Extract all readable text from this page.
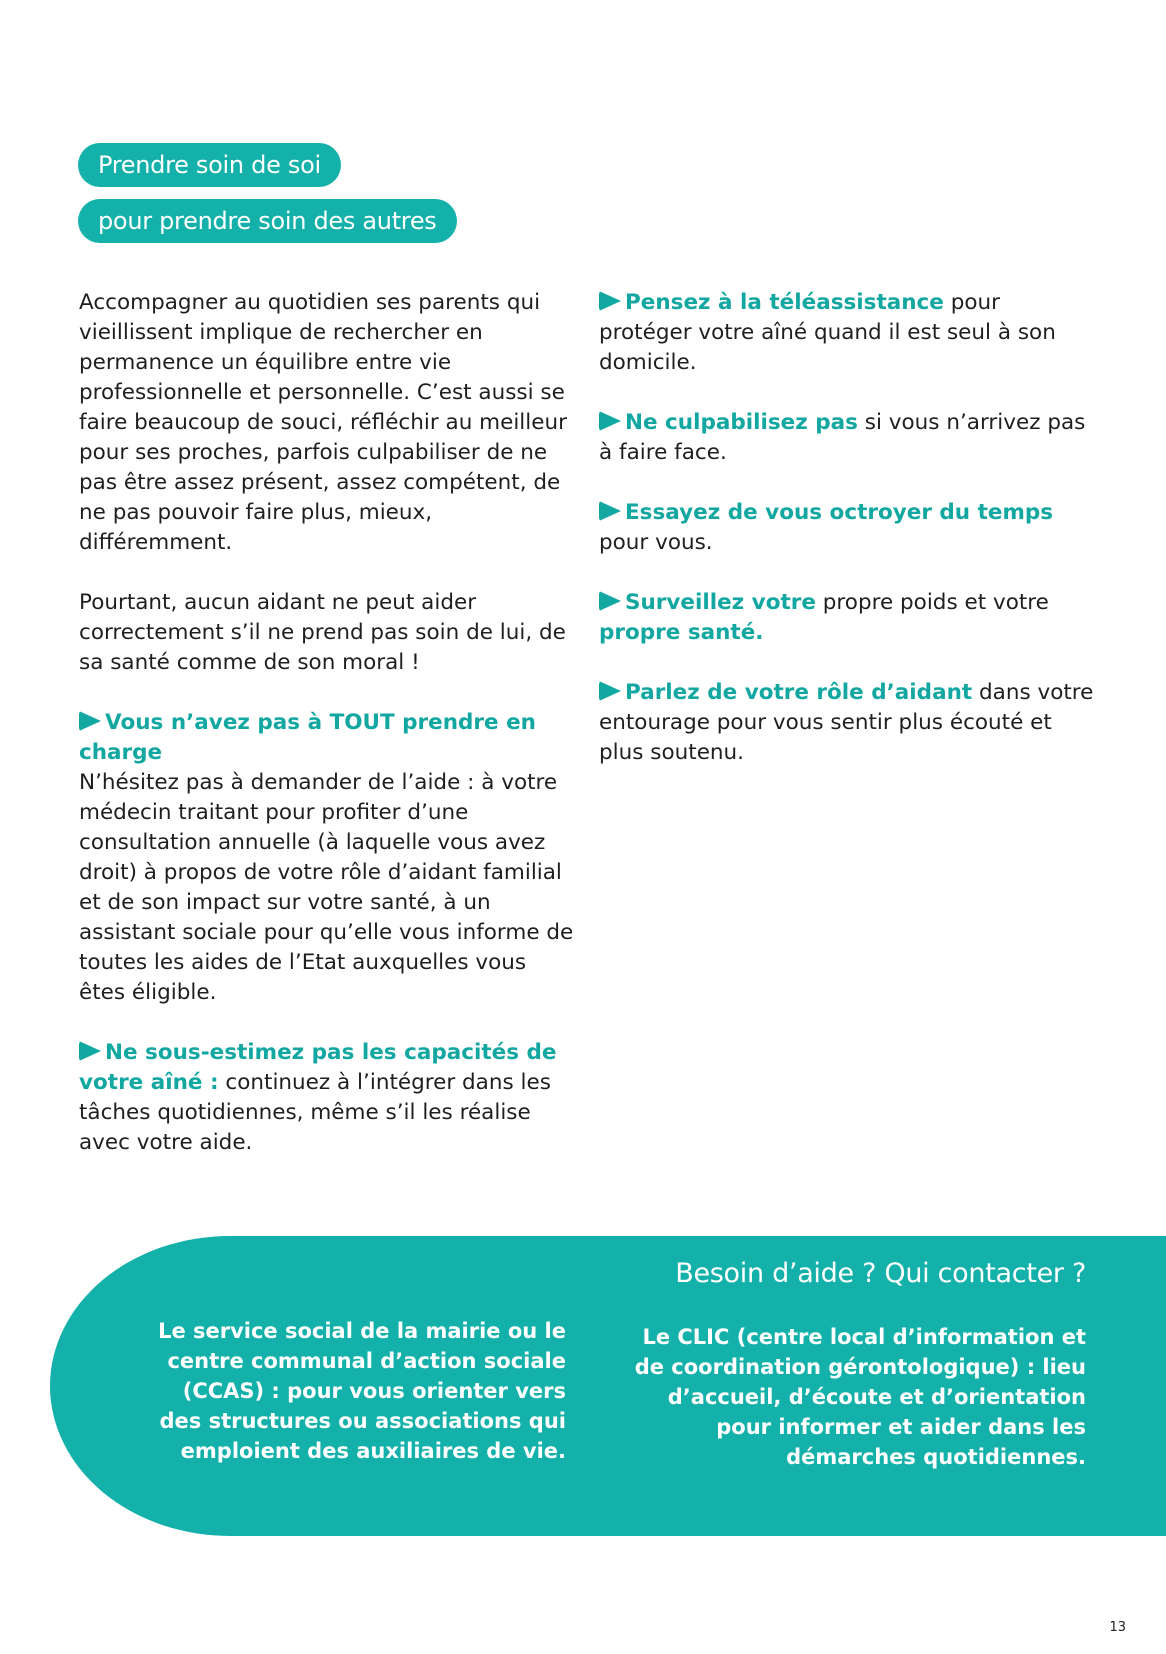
Prendre soin de soi
pour prendre soin des autres

Accompagner au quotidien ses parents qui vieillissent implique de rechercher en permanence un équilibre entre vie professionnelle et personnelle. C’est aussi se faire beaucoup de souci, réfléchir au meilleur pour ses proches, parfois culpabiliser de ne pas être assez présent, assez compétent, de ne pas pouvoir faire plus, mieux, différemment.

Pourtant, aucun aidant ne peut aider correctement s’il ne prend pas soin de lui, de sa santé comme de son moral !

Vous n’avez pas à TOUT prendre en charge
N’hésitez pas à demander de l’aide : à votre médecin traitant pour profiter d’une consultation annuelle (à laquelle vous avez droit) à propos de votre rôle d’aidant familial et de son impact sur votre santé, à un assistant sociale pour qu’elle vous informe de toutes les aides de l’Etat auxquelles vous êtes éligible.

Ne sous-estimez pas les capacités de votre aîné : continuez à l’intégrer dans les tâches quotidiennes, même s’il les réalise avec votre aide.

Pensez à la téléassistance pour protéger votre aîné quand il est seul à son domicile.

Ne culpabilisez pas si vous n’arrivez pas à faire face.

Essayez de vous octroyer du temps pour vous.

Surveillez votre propre poids et votre propre santé.

Parlez de votre rôle d’aidant dans votre entourage pour vous sentir plus écouté et plus soutenu.

Besoin d’aide ? Qui contacter ?
Le service social de la mairie ou le centre communal d’action sociale (CCAS) : pour vous orienter vers des structures ou associations qui emploient des auxiliaires de vie.
Le CLIC (centre local d’information et de coordination gérontologique) : lieu d’accueil, d’écoute et d’orientation pour informer et aider dans les démarches quotidiennes.
13
